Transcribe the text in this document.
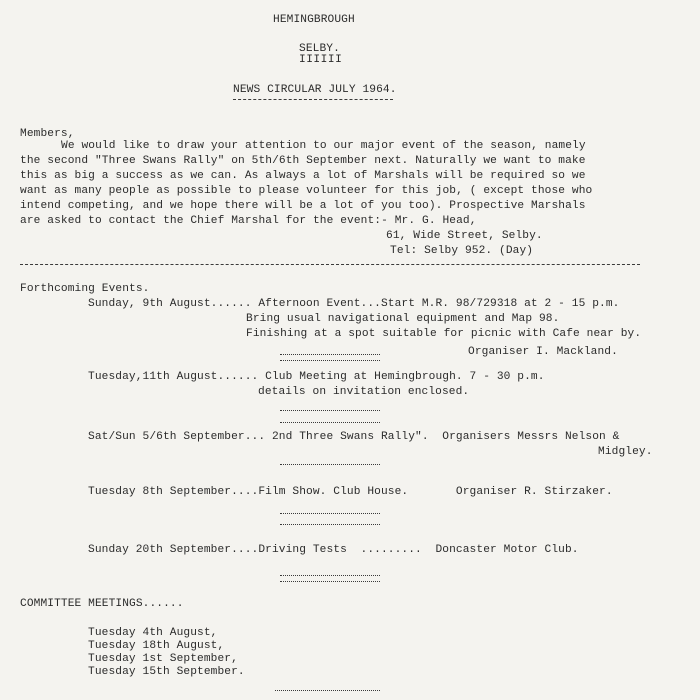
HEMINGBROUGH
SELBY.
IIIIII
NEWS CIRCULAR JULY 1964.
Members,
We would like to draw your attention to our major event of the season, namely
the second "Three Swans Rally" on 5th/6th September next. Naturally we want to make
this as big a success as we can. As always a lot of Marshals will be required so we
want as many people as possible to please volunteer for this job, ( except those who
intend competing, and we hope there will be a lot of you too). Prospective Marshals
are asked to contact the Chief Marshal for the event:- Mr. G. Head,
61, Wide Street, Selby.
Tel: Selby 952. (Day)
Forthcoming Events.
Sunday, 9th August...... Afternoon Event...Start M.R. 98/729318 at 2 - 15 p.m.
Bring usual navigational equipment and Map 98.
Finishing at a spot suitable for picnic with Cafe near by.
Organiser I. Mackland.
Tuesday,11th August...... Club Meeting at Hemingbrough. 7 - 30 p.m.
details on invitation enclosed.
Sat/Sun 5/6th September... 2nd Three Swans Rally".  Organisers Messrs Nelson &
Midgley.
Tuesday 8th September....Film Show. Club House.       Organiser R. Stirzaker.
Sunday 20th September....Driving Tests  .........  Doncaster Motor Club.
COMMITTEE MEETINGS......
Tuesday 4th August,
Tuesday 18th August,
Tuesday 1st September,
Tuesday 15th September.
